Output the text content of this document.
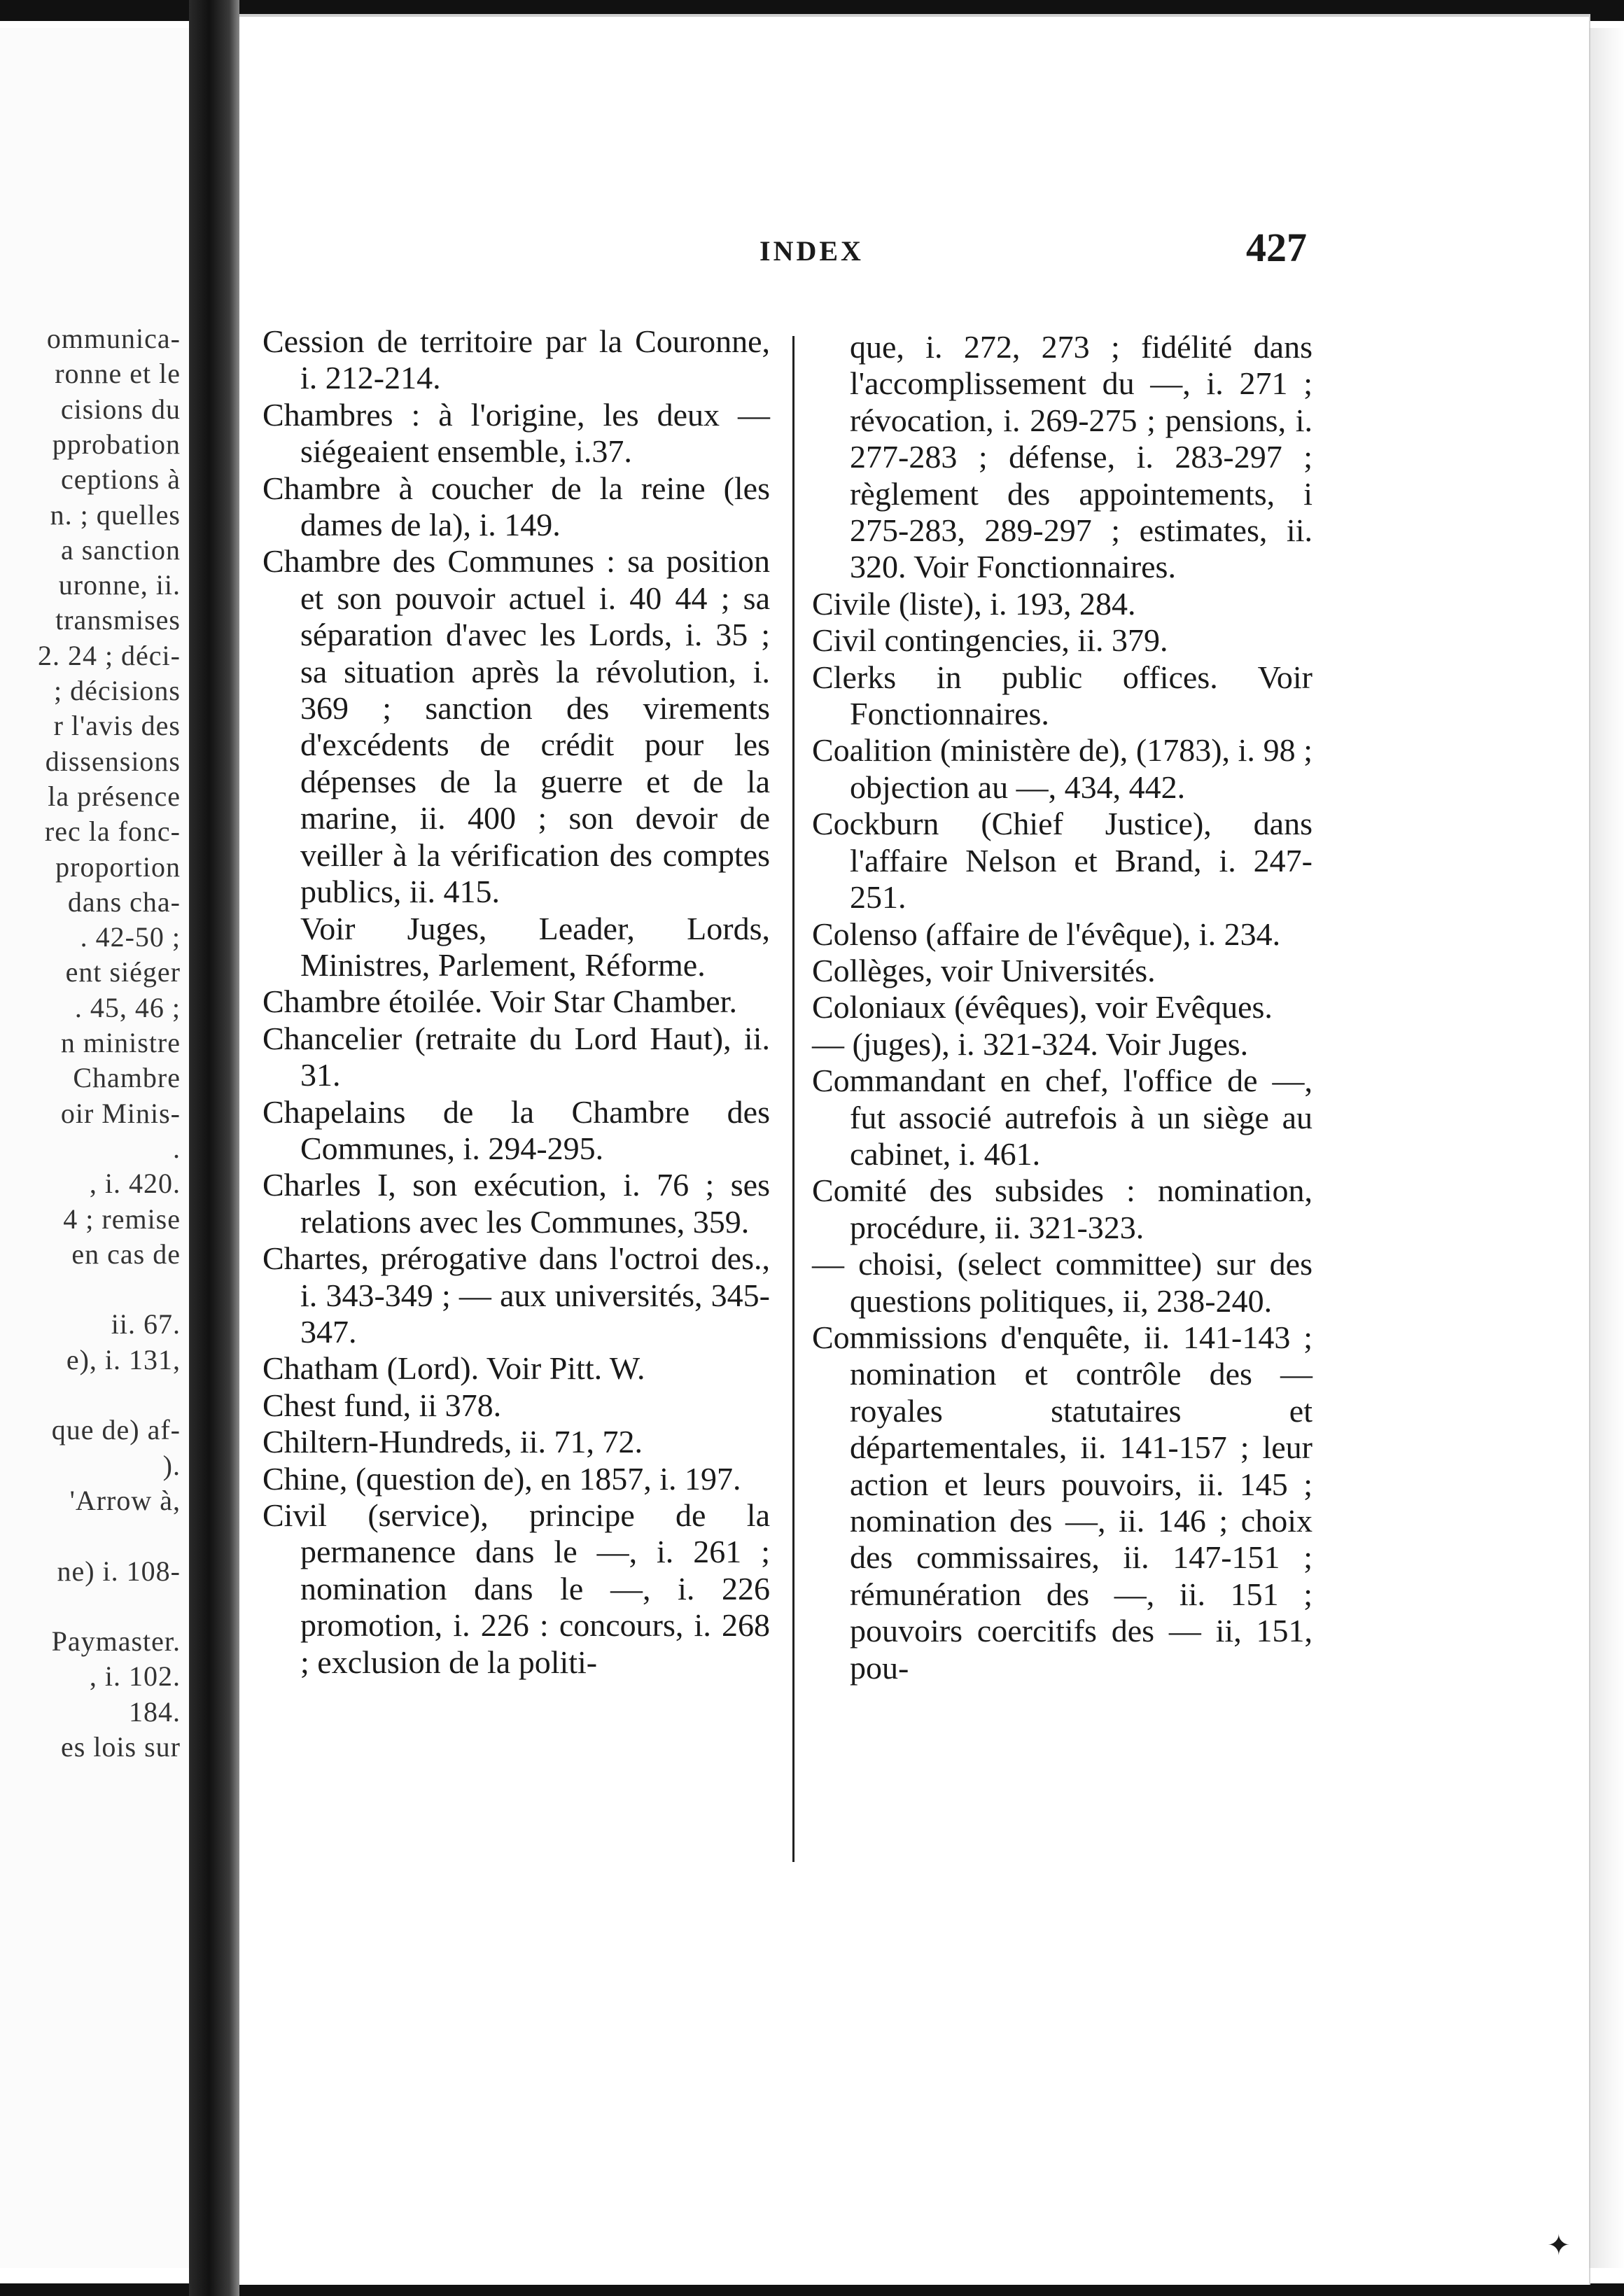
ommunica-
ronne et le
cisions du
pprobation
ceptions à
n. ; quelles
a sanction
uronne, ii.
transmises
2. 24 ; déci-
; décisions
r l'avis des
dissensions
la présence
rec la fonc-
proportion
dans cha-
. 42-50 ;
ent siéger
. 45, 46 ;
n ministre
Chambre
oir Minis-
.
, i. 420.
4 ; remise
en cas de
ii. 67.
e), i. 131,
que de) af-
).
'Arrow à,
ne) i. 108-
Paymaster.
, i. 102.
184.
es lois sur
INDEX	427

Cession de territoire par la Couronne, i. 212-214.

Chambres : à l'origine, les deux — siégeaient ensemble, i.37.

Chambre à coucher de la reine (les dames de la), i. 149.

Chambre des Communes : sa position et son pouvoir actuel i. 40 44 ; sa séparation d'avec les Lords, i. 35 ; sa situation après la révolution, i. 369 ; sanction des virements d'excédents de crédit pour les dépenses de la guerre et de la marine, ii. 400 ; son devoir de veiller à la vérification des comptes publics, ii. 415.

Voir Juges, Leader, Lords, Ministres, Parlement, Réforme.

Chambre étoilée. Voir Star Chamber.

Chancelier (retraite du Lord Haut), ii. 31.

Chapelains de la Chambre des Communes, i. 294-295.

Charles I, son exécution, i. 76 ; ses relations avec les Communes, 359.

Chartes, prérogative dans l'octroi des., i. 343-349 ; — aux universités, 345-347.

Chatham (Lord). Voir Pitt. W.

Chest fund, ii 378.

Chiltern-Hundreds, ii. 71, 72.

Chine, (question de), en 1857, i. 197.

Civil (service), principe de la permanence dans le —, i. 261 ; nomination dans le —, i. 226 promotion, i. 226 : concours, i. 268 ; exclusion de la politi-

que, i. 272, 273 ; fidélité dans l'accomplissement du —, i. 271 ; révocation, i. 269-275 ; pensions, i. 277-283 ; défense, i. 283-297 ; règlement des appointements, i 275-283, 289-297 ; estimates, ii. 320. Voir Fonctionnaires.

Civile (liste), i. 193, 284.

Civil contingencies, ii. 379.

Clerks in public offices. Voir Fonctionnaires.

Coalition (ministère de), (1783), i. 98 ; objection au —, 434, 442.

Cockburn (Chief Justice), dans l'affaire Nelson et Brand, i. 247-251.

Colenso (affaire de l'évêque), i. 234.

Collèges, voir Universités.

Coloniaux (évêques), voir Evêques.

— (juges), i. 321-324. Voir Juges.

Commandant en chef, l'office de —, fut associé autrefois à un siège au cabinet, i. 461.

Comité des subsides : nomination, procédure, ii. 321-323.

— choisi, (select committee) sur des questions politiques, ii, 238-240.

Commissions d'enquête, ii. 141-143 ; nomination et contrôle des — royales statutaires et départementales, ii. 141-157 ; leur action et leurs pouvoirs, ii. 145 ; nomination des —, ii. 146 ; choix des commissaires, ii. 147-151 ; rémunération des —, ii. 151 ; pouvoirs coercitifs des — ii, 151, pou-

✦
